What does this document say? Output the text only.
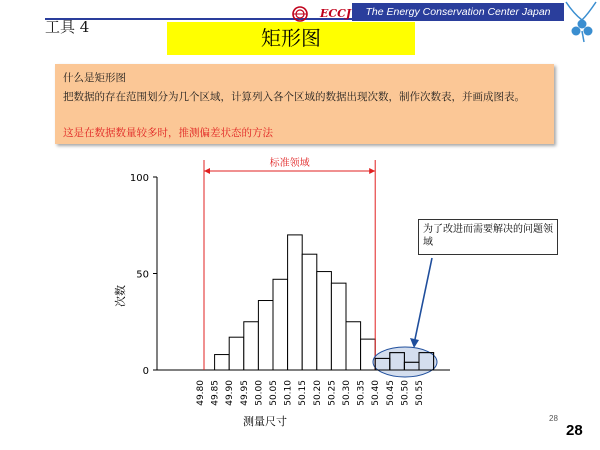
工具 4
ECCJ	The Energy Conservation Center Japan
矩形图
什么是矩形图
把数据的存在范围划分为几个区域，计算列入各个区域的数据出现次数，制作次数表，并画成图表。
这是在数据数量较多时，推测偏差状态的方法
0
50
100
49.80 49.85 49.90 49.95 50.00 50.05 50.10 50.15 50.20 50.25 50.30 50.35 50.40 50.45 50.50 50.55
标准领域
次数
测量尺寸
为了改进而需要解决的问题领域
28
28
